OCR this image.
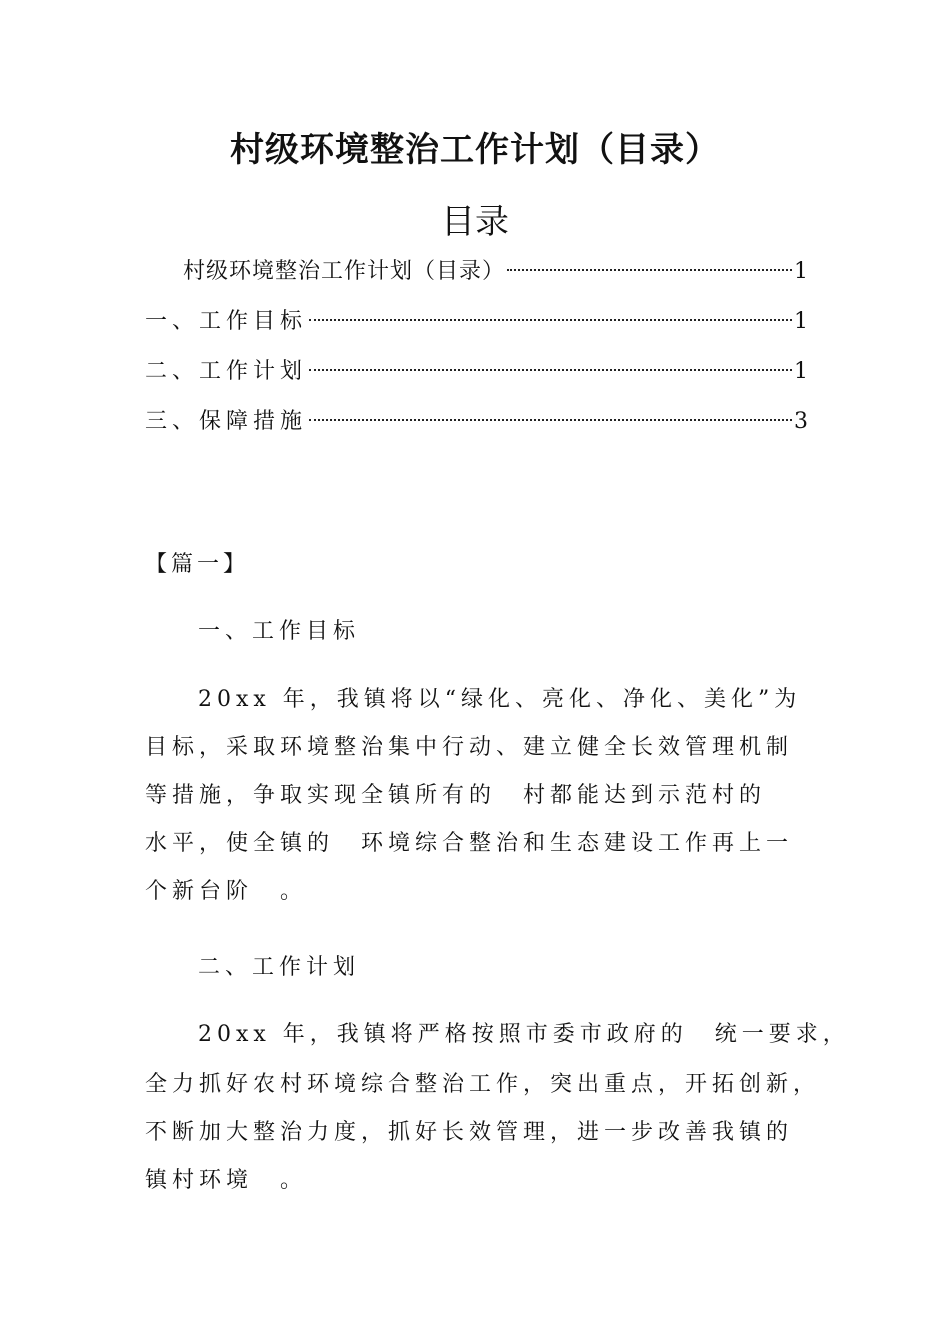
村级环境整治工作计划（目录）
目录
村级环境整治工作计划（目录）	1
一、工作目标	1
二、工作计划	1
三、保障措施	3
【篇一】
一、工作目标
20xx 年，我镇将以“绿化、亮化、净化、美化”为
目标，采取环境整治集中行动、建立健全长效管理机制
等措施，争取实现全镇所有的　村都能达到示范村的
水平，使全镇的　环境综合整治和生态建设工作再上一
个新台阶　。
二、工作计划
20xx 年，我镇将严格按照市委市政府的　统一要求，
全力抓好农村环境综合整治工作，突出重点，开拓创新，
不断加大整治力度，抓好长效管理，进一步改善我镇的
镇村环境　。
